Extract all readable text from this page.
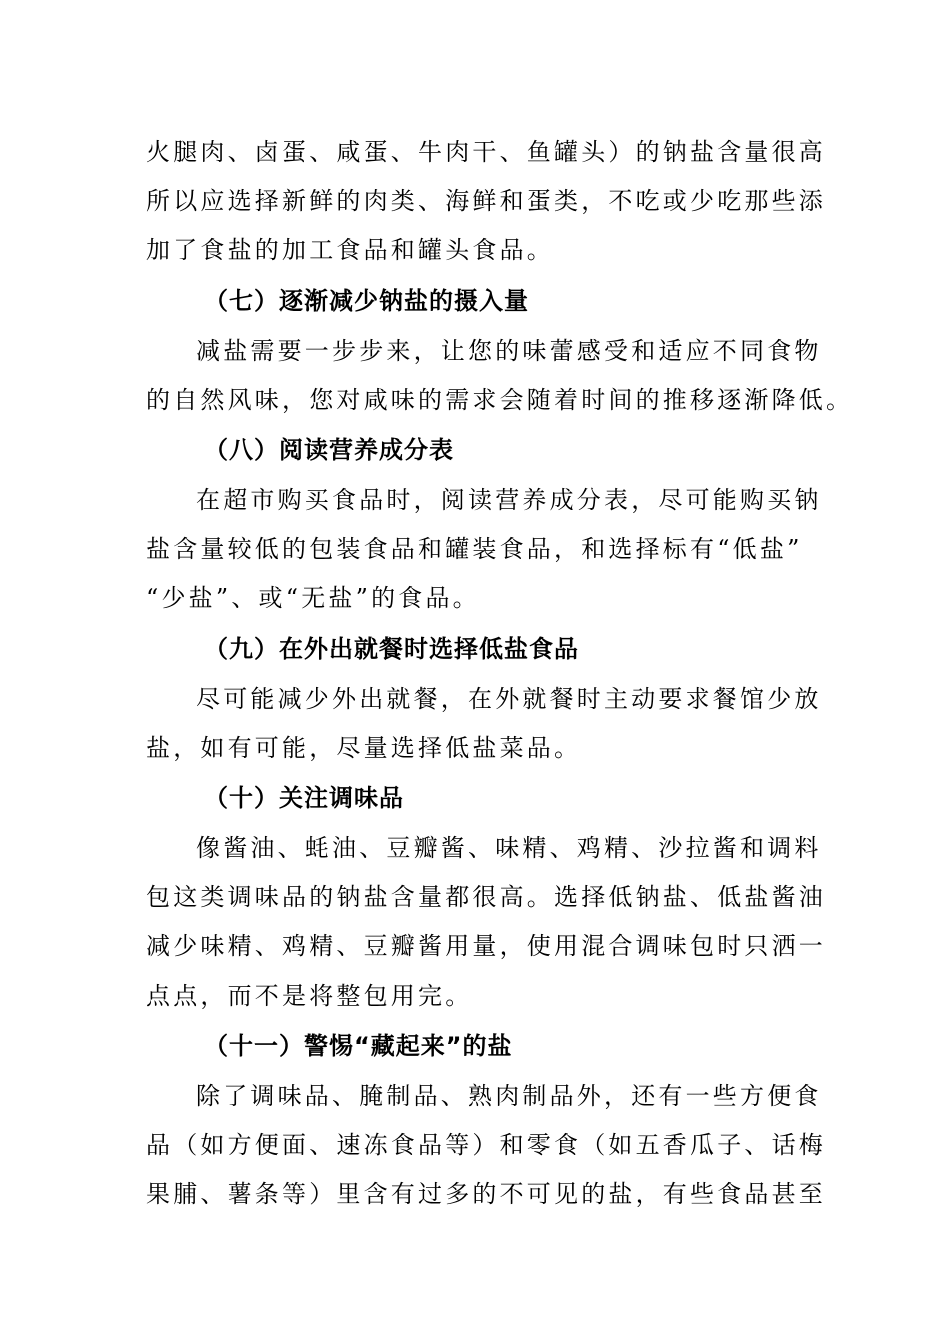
火腿肉、卤蛋、咸蛋、牛肉干、鱼罐头）的钠盐含量很高
所以应选择新鲜的肉类、海鲜和蛋类，不吃或少吃那些添
加了食盐的加工食品和罐头食品。
（七）逐渐减少钠盐的摄入量
减盐需要一步步来，让您的味蕾感受和适应不同食物
的自然风味，您对咸味的需求会随着时间的推移逐渐降低。
（八）阅读营养成分表
在超市购买食品时，阅读营养成分表，尽可能购买钠
盐含量较低的包装食品和罐装食品，和选择标有“低盐”
“少盐”、或“无盐”的食品。
（九）在外出就餐时选择低盐食品
尽可能减少外出就餐，在外就餐时主动要求餐馆少放
盐，如有可能，尽量选择低盐菜品。
（十）关注调味品
像酱油、蚝油、豆瓣酱、味精、鸡精、沙拉酱和调料
包这类调味品的钠盐含量都很高。选择低钠盐、低盐酱油
减少味精、鸡精、豆瓣酱用量，使用混合调味包时只洒一
点点，而不是将整包用完。
（十一）警惕“藏起来”的盐
除了调味品、腌制品、熟肉制品外，还有一些方便食
品（如方便面、速冻食品等）和零食（如五香瓜子、话梅
果脯、薯条等）里含有过多的不可见的盐，有些食品甚至
